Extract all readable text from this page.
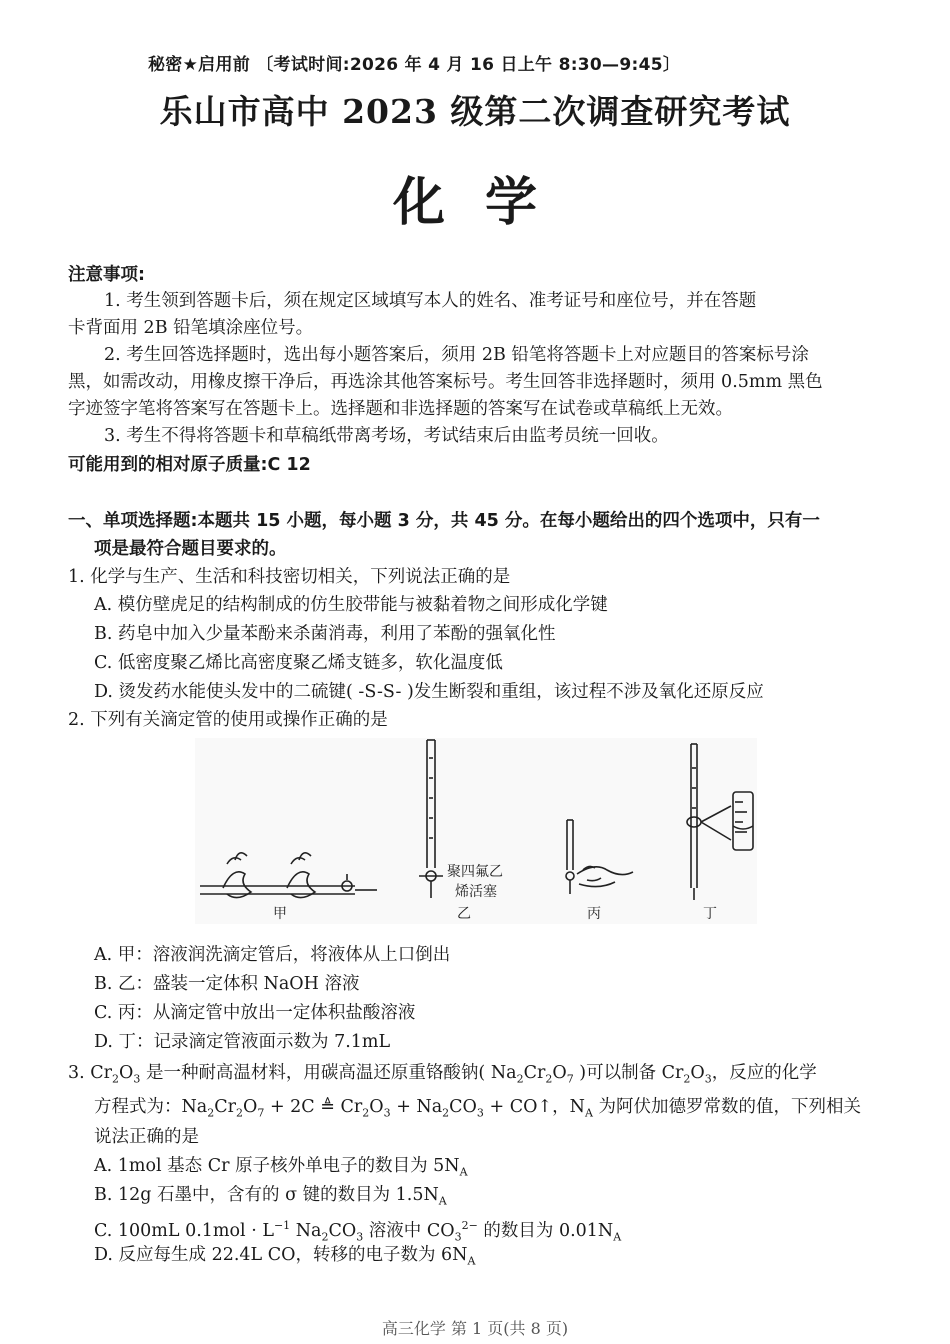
秘密★启用前 〔考试时间:2026 年 4 月 16 日上午 8:30—9:45〕
乐山市高中 2023 级第二次调查研究考试
化学
注意事项:
1. 考生领到答题卡后，须在规定区域填写本人的姓名、准考证号和座位号，并在答题
卡背面用 2B 铅笔填涂座位号。
2. 考生回答选择题时，选出每小题答案后，须用 2B 铅笔将答题卡上对应题目的答案标号涂
黑，如需改动，用橡皮擦干净后，再选涂其他答案标号。考生回答非选择题时，须用 0.5mm 黑色
字迹签字笔将答案写在答题卡上。选择题和非选择题的答案写在试卷或草稿纸上无效。
3. 考生不得将答题卡和草稿纸带离考场，考试结束后由监考员统一回收。
可能用到的相对原子质量:C 12
一、单项选择题:本题共 15 小题，每小题 3 分，共 45 分。在每小题给出的四个选项中，只有一
项是最符合题目要求的。
1. 化学与生产、生活和科技密切相关，下列说法正确的是
A. 模仿壁虎足的结构制成的仿生胶带能与被黏着物之间形成化学键
B. 药皂中加入少量苯酚来杀菌消毒，利用了苯酚的强氧化性
C. 低密度聚乙烯比高密度聚乙烯支链多，软化温度低
D. 烫发药水能使头发中的二硫键( -S-S- )发生断裂和重组，该过程不涉及氧化还原反应
2. 下列有关滴定管的使用或操作正确的是
甲
聚四氟乙
烯活塞
乙	丙	丁
A. 甲：溶液润洗滴定管后，将液体从上口倒出
B. 乙：盛装一定体积 NaOH 溶液
C. 丙：从滴定管中放出一定体积盐酸溶液
D. 丁：记录滴定管液面示数为 7.1mL
3. $Cr_2O_3$ 是一种耐高温材料，用碳高温还原重铬酸钠( $Na_2Cr_2O_7$ )可以制备 $Cr_2O_3$，反应的化学
方程式为：$Na_2Cr_2O_7 + 2C$ ≜ $Cr_2O_3 + Na_2CO_3$ + CO↑，$N_A$ 为阿伏加德罗常数的值，下列相关
说法正确的是
A. 1mol 基态 Cr 原子核外单电子的数目为 $5N_A$
B. 12g 石墨中，含有的 σ 键的数目为 $1.5N_A$
C. 100mL $0.1mol \cdot L^{-1}$ $Na_2CO_3$ 溶液中 $CO_3^{2-}$ 的数目为 $0.01N_A$
D. 反应每生成 22.4L CO，转移的电子数为 $6N_A$
高三化学 第 1 页(共 8 页)
